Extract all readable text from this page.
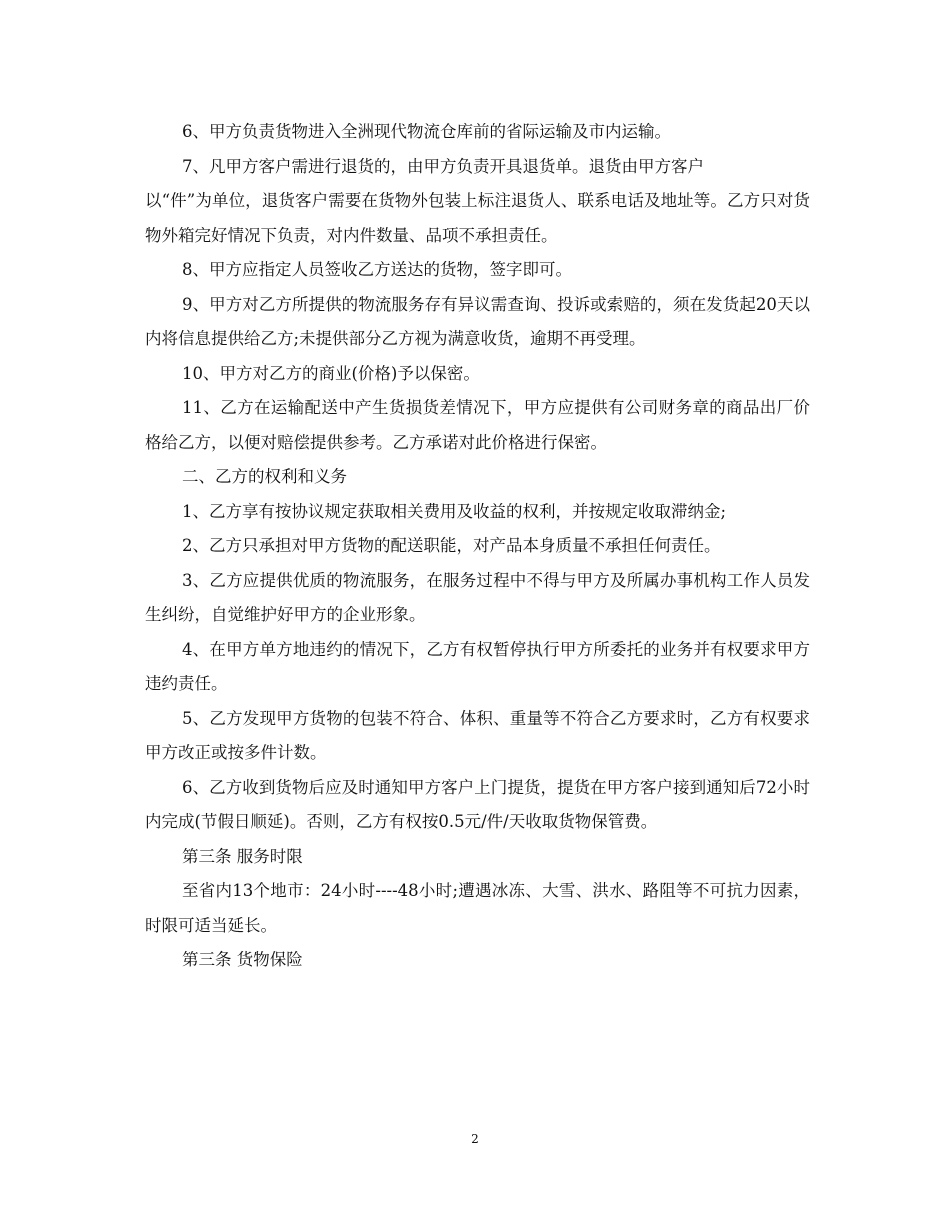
6、甲方负责货物进入全洲现代物流仓库前的省际运输及市内运输。

7、凡甲方客户需进行退货的，由甲方负责开具退货单。退货由甲方客户

以“件”为单位，退货客户需要在货物外包装上标注退货人、联系电话及地址等。乙方只对货物外箱完好情况下负责，对内件数量、品项不承担责任。

8、甲方应指定人员签收乙方送达的货物，签字即可。

9、甲方对乙方所提供的物流服务存有异议需查询、投诉或索赔的，须在发货起20天以内将信息提供给乙方;未提供部分乙方视为满意收货，逾期不再受理。

10、甲方对乙方的商业(价格)予以保密。

11、乙方在运输配送中产生货损货差情况下，甲方应提供有公司财务章的商品出厂价格给乙方，以便对赔偿提供参考。乙方承诺对此价格进行保密。

二、乙方的权利和义务

1、乙方享有按协议规定获取相关费用及收益的权利，并按规定收取滞纳金;

2、乙方只承担对甲方货物的配送职能，对产品本身质量不承担任何责任。

3、乙方应提供优质的物流服务，在服务过程中不得与甲方及所属办事机构工作人员发生纠纷，自觉维护好甲方的企业形象。

4、在甲方单方地违约的情况下，乙方有权暂停执行甲方所委托的业务并有权要求甲方违约责任。

5、乙方发现甲方货物的包装不符合、体积、重量等不符合乙方要求时，乙方有权要求甲方改正或按多件计数。

6、乙方收到货物后应及时通知甲方客户上门提货，提货在甲方客户接到通知后72小时内完成(节假日顺延)。否则，乙方有权按0.5元/件/天收取货物保管费。

第三条 服务时限

至省内13个地市：24小时----48小时;遭遇冰冻、大雪、洪水、路阻等不可抗力因素，时限可适当延长。

第三条 货物保险

2
